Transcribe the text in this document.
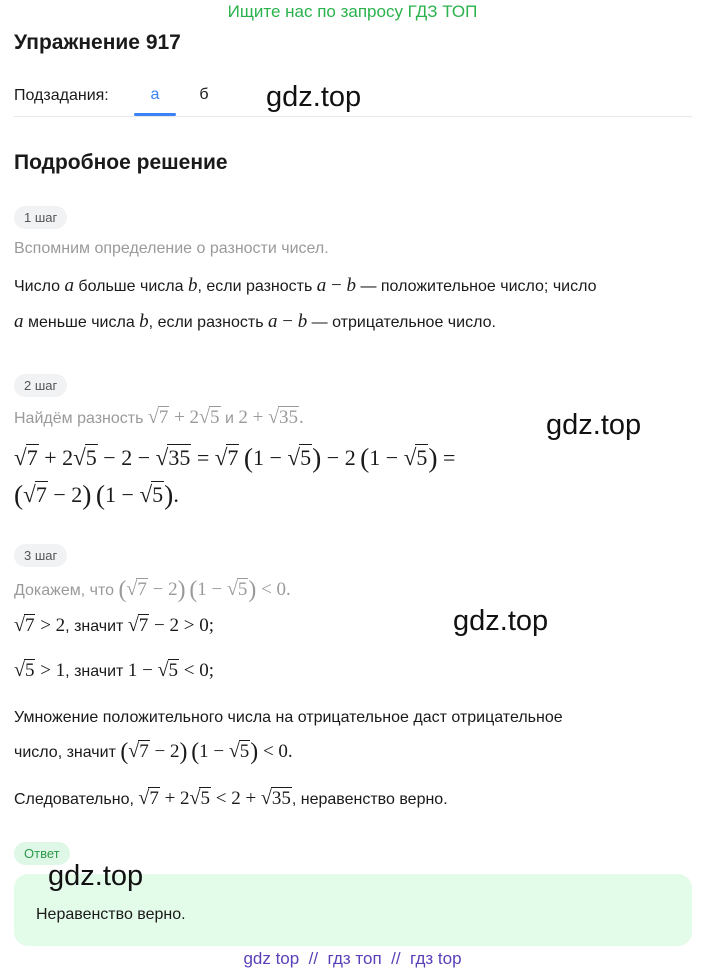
Ищите нас по запросу ГДЗ ТОП
Упражнение 917
Подзадания:	а	б	gdz.top
Подробное решение
1 шаг
Вспомним определение о разности чисел.
Число a больше числа b, если разность a − b — положительное число; число
a меньше числа b, если разность a − b — отрицательное число.
2 шаг
Найдём разность √7 + 2√5 и 2 + √35.	gdz.top
√7 + 2√5 − 2 − √35 = √7  (1 − √5) − 2 (1 − √5) =
(√7 − 2)  (1 − √5).
3 шаг
Докажем, что (√7 − 2)  (1 − √5) < 0.
√7 > 2, значит √7 − 2 > 0;	gdz.top
√5 > 1, значит 1 − √5 < 0;
Умножение положительного числа на отрицательное даст отрицательное
число, значит (√7 − 2)  (1 − √5) < 0.
Следовательно, √7 + 2√5 < 2 + √35, неравенство верно.
Ответ
gdz.top
Неравенство верно.
gdz top  //  гдз топ  //  гдз top
